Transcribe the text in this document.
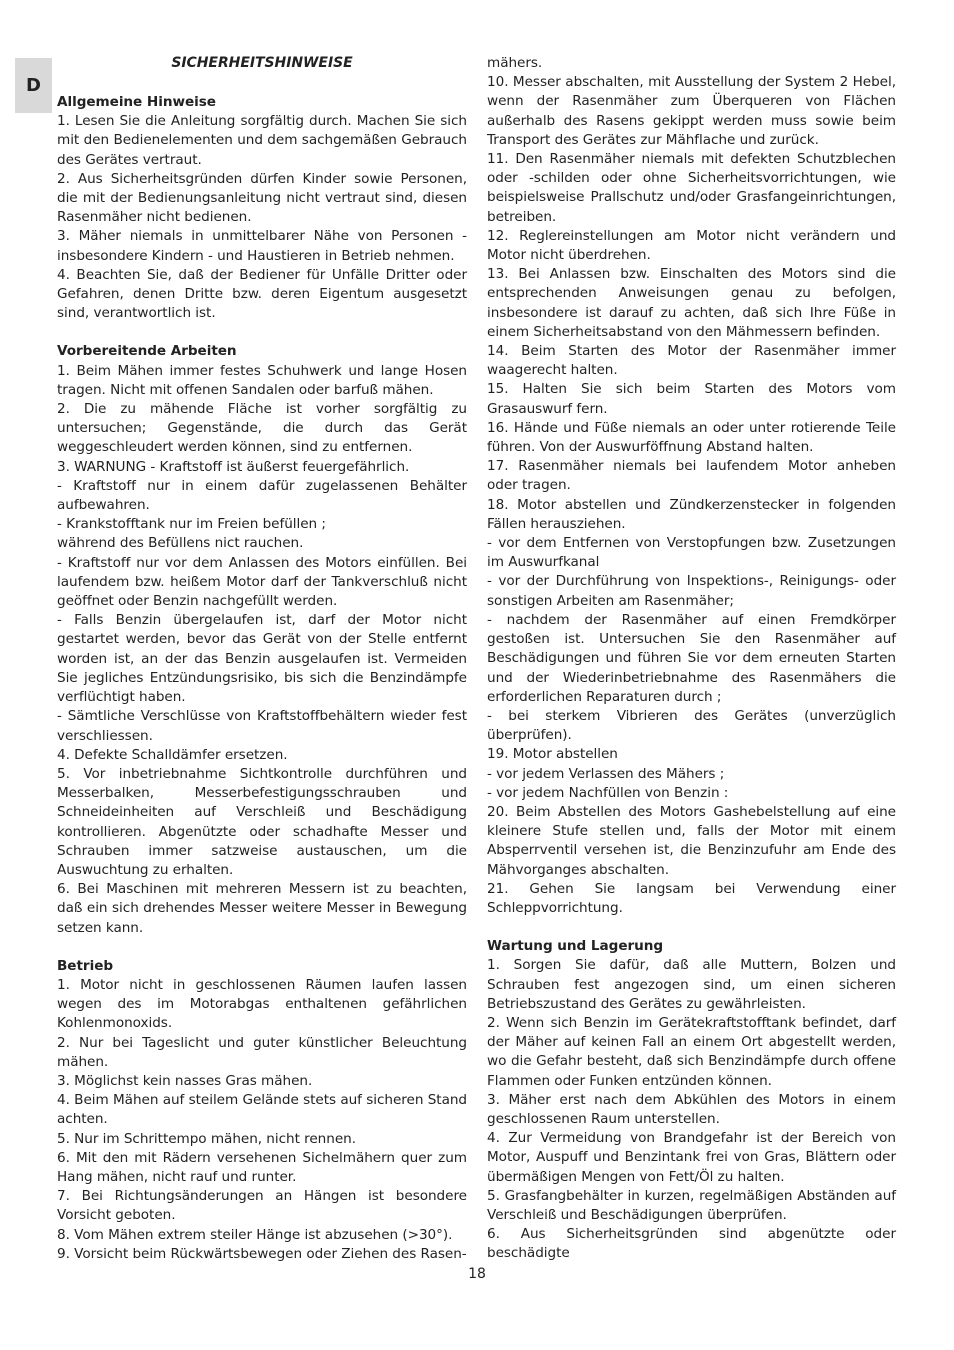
D
SICHERHEITSHINWEISE

Allgemeine Hinweise

1. Lesen Sie die Anleitung sorgfältig durch. Machen Sie sich mit den Bedienelementen und dem sachgemäßen Gebrauch des Gerätes vertraut.

2. Aus Sicherheitsgründen dürfen Kinder sowie Personen, die mit der Bedienungsanleitung nicht vertraut sind, diesen Rasenmäher nicht bedienen.

3. Mäher niemals in unmittelbarer Nähe von Personen - insbesondere Kindern - und Haustieren in Betrieb nehmen.

4. Beachten Sie, daß der Bediener für Unfälle Dritter oder Gefahren, denen Dritte bzw. deren Eigentum ausgesetzt sind, verantwortlich ist.

Vorbereitende Arbeiten

1. Beim Mähen immer festes Schuhwerk und lange Hosen tragen. Nicht mit offenen Sandalen oder barfuß mähen.

2. Die zu mähende Fläche ist vorher sorgfältig zu untersuchen; Gegenstände, die durch das Gerät weggeschleudert werden können, sind zu entfernen.

3. WARNUNG - Kraftstoff ist äußerst feuergefährlich.

- Kraftstoff nur in einem dafür zugelassenen Behälter aufbewahren.

- Krankstofftank nur im Freien befüllen ;

während des Befüllens nict rauchen.

- Kraftstoff nur vor dem Anlassen des Motors einfüllen. Bei laufendem bzw. heißem Motor darf der Tankverschluß nicht geöffnet oder Benzin nachgefüllt werden.

- Falls Benzin übergelaufen ist, darf der Motor nicht gestartet werden, bevor das Gerät von der Stelle entfernt worden ist, an der das Benzin ausgelaufen ist. Vermeiden Sie jegliches Entzündungsrisiko, bis sich die Benzindämpfe verflüchtigt haben.

- Sämtliche Verschlüsse von Kraftstoffbehältern wieder fest verschliessen.

4. Defekte Schalldämfer ersetzen.

5. Vor inbetriebnahme Sichtkontrolle durchführen und Messerbalken, Messerbefestigungsschrauben und Schneideinheiten auf Verschleiß und Beschädigung kontrollieren. Abgenützte oder schadhafte Messer und Schrauben immer satzweise austauschen, um die Auswuchtung zu erhalten.

6. Bei Maschinen mit mehreren Messern ist zu beachten, daß ein sich drehendes Messer weitere Messer in Bewegung setzen kann.

Betrieb

1. Motor nicht in geschlossenen Räumen laufen lassen wegen des im Motorabgas enthaltenen gefährlichen Kohlenmonoxids.

2. Nur bei Tageslicht und guter künstlicher Beleuchtung mähen.

3. Möglichst kein nasses Gras mähen.

4. Beim Mähen auf steilem Gelände stets auf sicheren Stand achten.

5. Nur im Schrittempo mähen, nicht rennen.

6. Mit den mit Rädern versehenen Sichelmähern quer zum Hang mähen, nicht rauf und runter.

7. Bei Richtungsänderungen an Hängen ist besondere Vorsicht geboten.

8. Vom Mähen extrem steiler Hänge ist abzusehen (>30°).

9. Vorsicht beim Rückwärtsbewegen oder Ziehen des Rasen-

mähers.

10. Messer abschalten, mit Ausstellung der System 2 Hebel, wenn der Rasenmäher zum Überqueren von Flächen außerhalb des Rasens gekippt werden muss sowie beim Transport des Gerätes zur Mähflache und zurück.

11. Den Rasenmäher niemals mit defekten Schutzblechen oder -schilden oder ohne Sicherheitsvorrichtungen, wie beispielsweise Prallschutz und/oder Grasfangeinrichtungen, betreiben.

12. Reglereinstellungen am Motor nicht verändern und Motor nicht überdrehen.

13. Bei Anlassen bzw. Einschalten des Motors sind die entsprechenden Anweisungen genau zu befolgen, insbesondere ist darauf zu achten, daß sich Ihre Füße in einem Sicherheitsabstand von den Mähmessern befinden.

14. Beim Starten des Motor der Rasenmäher immer waagerecht halten.

15. Halten Sie sich beim Starten des Motors vom Grasauswurf fern.

16. Hände und Füße niemals an oder unter rotierende Teile führen. Von der Auswurföffnung Abstand halten.

17. Rasenmäher niemals bei laufendem Motor anheben oder tragen.

18. Motor abstellen und Zündkerzenstecker in folgenden Fällen herausziehen.

- vor dem Entfernen von Verstopfungen bzw. Zusetzungen im Auswurfkanal

- vor der Durchführung von Inspektions-, Reinigungs- oder sonstigen Arbeiten am Rasenmäher;

- nachdem der Rasenmäher auf einen Fremdkörper gestoßen ist. Untersuchen Sie den Rasenmäher auf Beschädigungen und führen Sie vor dem erneuten Starten und der Wiederinbetriebnahme des Rasenmähers die erforderlichen Reparaturen durch ;

- bei sterkem Vibrieren des Gerätes (unverzüglich überprüfen).

19. Motor abstellen

- vor jedem Verlassen des Mähers ;

- vor jedem Nachfüllen von Benzin :

20. Beim Abstellen des Motors Gashebelstellung auf eine kleinere Stufe stellen und, falls der Motor mit einem Absperrventil versehen ist, die Benzinzufuhr am Ende des Mähvorganges abschalten.

21. Gehen Sie langsam bei Verwendung einer Schleppvorrichtung.

Wartung und Lagerung

1. Sorgen Sie dafür, daß alle Muttern, Bolzen und Schrauben fest angezogen sind, um einen sicheren Betriebszustand des Gerätes zu gewährleisten.

2. Wenn sich Benzin im Gerätekraftstofftank befindet, darf der Mäher auf keinen Fall an einem Ort abgestellt werden, wo die Gefahr besteht, daß sich Benzindämpfe durch offene Flammen oder Funken entzünden können.

3. Mäher erst nach dem Abkühlen des Motors in einem geschlossenen Raum unterstellen.

4. Zur Vermeidung von Brandgefahr ist der Bereich von Motor, Auspuff und Benzintank frei von Gras, Blättern oder übermäßigen Mengen von Fett/Öl zu halten.

5. Grasfangbehälter in kurzen, regelmäßigen Abständen auf Verschleiß und Beschädigungen überprüfen.

6. Aus Sicherheitsgründen sind abgenützte oder beschädigte

18
